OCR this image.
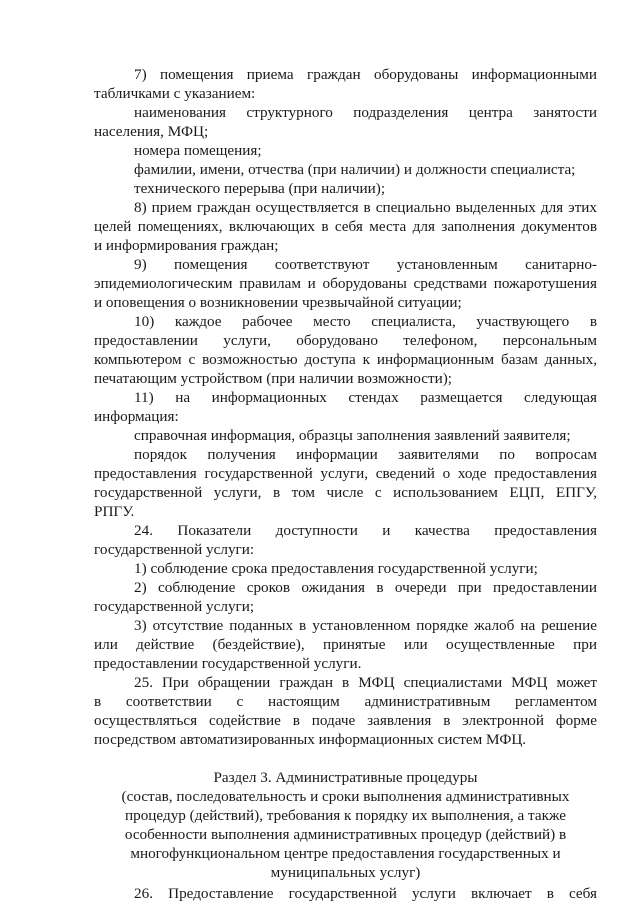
7) помещения приема граждан оборудованы информационными
табличками с указанием:
наименования структурного подразделения центра занятости
населения, МФЦ;
номера помещения;
фамилии, имени, отчества (при наличии) и должности специалиста;
технического перерыва (при наличии);
8) прием граждан осуществляется в специально выделенных для этих
целей помещениях, включающих в себя места для заполнения документов
и информирования граждан;
9) помещения соответствуют установленным санитарно-
эпидемиологическим правилам и оборудованы средствами пожаротушения
и оповещения о возникновении чрезвычайной ситуации;
10) каждое рабочее место специалиста, участвующего в
предоставлении услуги, оборудовано телефоном, персональным
компьютером с возможностью доступа к информационным базам данных,
печатающим устройством (при наличии возможности);
11) на информационных стендах размещается следующая
информация:
справочная информация, образцы заполнения заявлений заявителя;
порядок получения информации заявителями по вопросам
предоставления государственной услуги, сведений о ходе предоставления
государственной услуги, в том числе с использованием ЕЦП, ЕПГУ,
РПГУ.
24. Показатели доступности и качества предоставления
государственной услуги:
1) соблюдение срока предоставления государственной услуги;
2) соблюдение сроков ожидания в очереди при предоставлении
государственной услуги;
3) отсутствие поданных в установленном порядке жалоб на решение
или действие (бездействие), принятые или осуществленные при
предоставлении государственной услуги.
25. При обращении граждан в МФЦ специалистами МФЦ может
в соответствии с настоящим административным регламентом
осуществляться содействие в подаче заявления в электронной форме
посредством автоматизированных информационных систем МФЦ.
Раздел 3. Административные процедуры
(состав, последовательность и сроки выполнения административных
процедур (действий), требования к порядку их выполнения, а также
особенности выполнения административных процедур (действий) в
многофункциональном центре предоставления государственных и
муниципальных услуг)
26. Предоставление государственной услуги включает в себя
